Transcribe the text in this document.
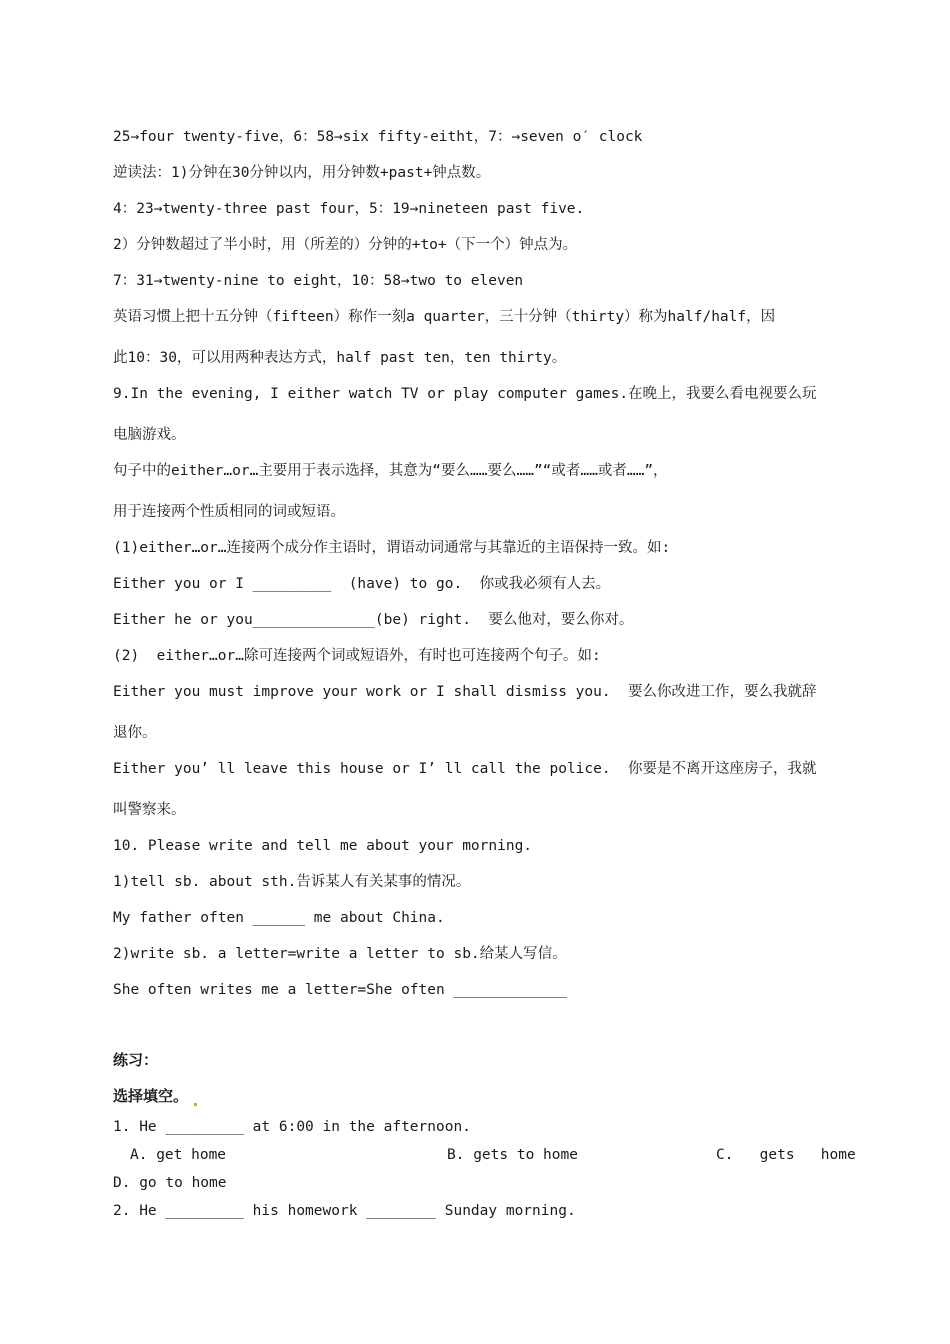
25→four twenty-five，6：58→six fifty-eitht，7：→seven o′ clock
逆读法：1)分钟在30分钟以内，用分钟数+past+钟点数。
4：23→twenty-three past four，5：19→nineteen past five.
2）分钟数超过了半小时，用（所差的）分钟的+to+（下一个）钟点为。
7：31→twenty-nine to eight，10：58→two to eleven
英语习惯上把十五分钟（fifteen）称作一刻a quarter，三十分钟（thirty）称为half/half，因
此10：30，可以用两种表达方式，half past ten，ten thirty。
9.In the evening, I either watch TV or play computer games.在晚上，我要么看电视要么玩
电脑游戏。
句子中的either…or…主要用于表示选择，其意为“要么……要么……”“或者……或者……”，
用于连接两个性质相同的词或短语。
(1)either…or…连接两个成分作主语时，谓语动词通常与其靠近的主语保持一致。如:
Either you or I _________  (have) to go.  你或我必须有人去。
Either he or you______________(be) right.  要么他对，要么你对。
(2)  either…or…除可连接两个词或短语外，有时也可连接两个句子。如:
Either you must improve your work or I shall dismiss you.  要么你改进工作，要么我就辞
退你。
Either you’ ll leave this house or I’ ll call the police.  你要是不离开这座房子，我就
叫警察来。
10. Please write and tell me about your morning.
1)tell sb. about sth.告诉某人有关某事的情况。
My father often ______ me about China.
2)write sb. a letter=write a letter to sb.给某人写信。
She often writes me a letter=She often _____________
练习：
选择填空。
1. He _________ at 6:00 in the afternoon.
A. get home	B. gets to home	C.   gets   home
D. go to home
2. He _________ his homework ________ Sunday morning.
